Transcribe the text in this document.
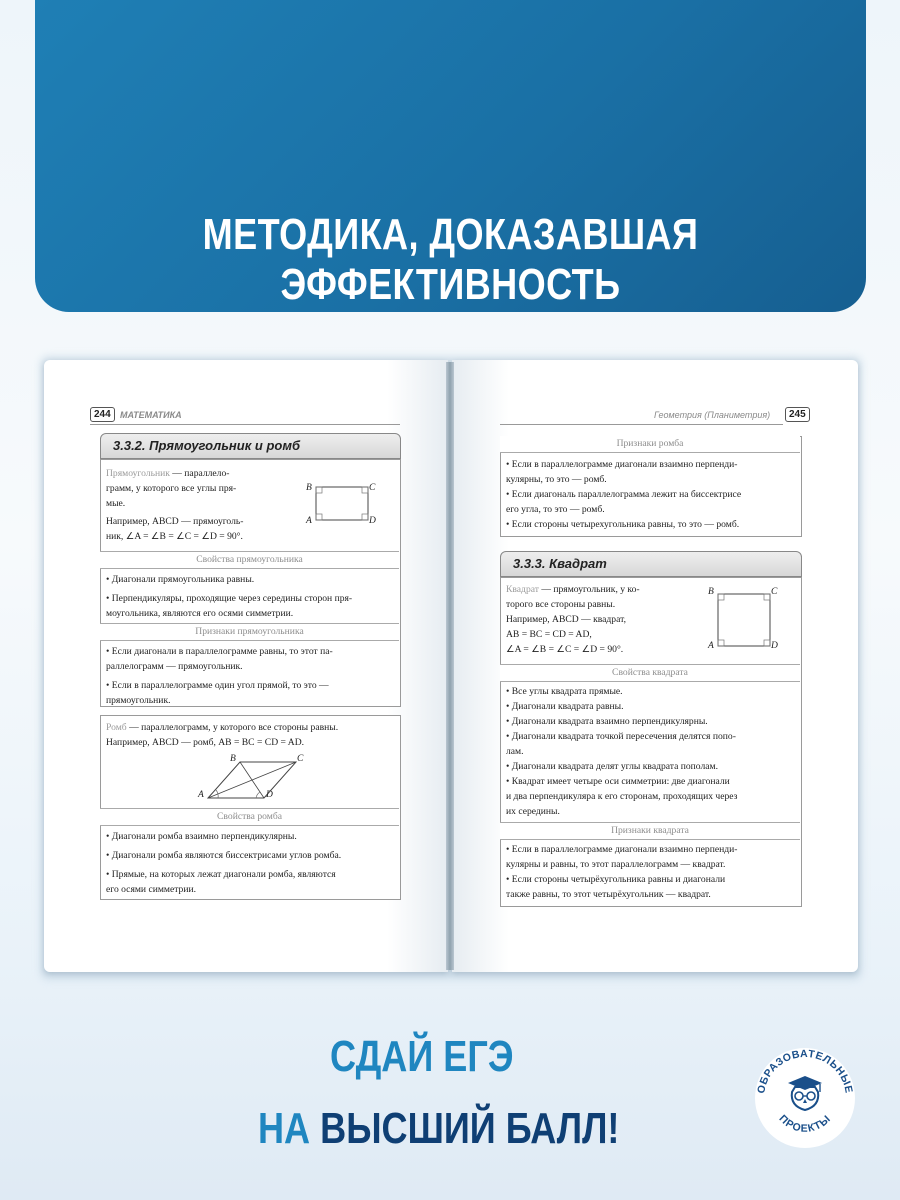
МЕТОДИКА, ДОКАЗАВШАЯ ЭФФЕКТИВНОСТЬ
244	МАТЕМАТИКА
3.3.2. Прямоугольник и ромб
Прямоугольник — параллело-
грамм, у которого все углы пря-
мые.
Например, ABCD — прямоуголь-
ник, ∠A = ∠B = ∠C = ∠D = 90°.
B	C
A	D
Свойства прямоугольника
• Диагонали прямоугольника равны.
• Перпендикуляры, проходящие через середины сторон пря-
моугольника, являются его осями симметрии.
Признаки прямоугольника
• Если диагонали в параллелограмме равны, то этот па-
раллелограмм — прямоугольник.
• Если в параллелограмме один угол прямой, то это —
прямоугольник.
Ромб — параллелограмм, у которого все стороны равны.
Например, ABCD — ромб, AB = BC = CD = AD.
B	C
A	D
Свойства ромба
• Диагонали ромба взаимно перпендикулярны.
• Диагонали ромба являются биссектрисами углов ромба.
• Прямые, на которых лежат диагонали ромба, являются
его осями симметрии.
Геометрия (Планиметрия)	245
Признаки ромба
• Если в параллелограмме диагонали взаимно перпенди-
кулярны, то это — ромб.
• Если диагональ параллелограмма лежит на биссектрисе
его угла, то это — ромб.
• Если стороны четырехугольника равны, то это — ромб.
3.3.3. Квадрат
Квадрат — прямоугольник, у ко-
торого все стороны равны.
Например, ABCD — квадрат,
AB = BC = CD = AD,
∠A = ∠B = ∠C = ∠D = 90°.
B	C
A	D
Свойства квадрата
• Все углы квадрата прямые.
• Диагонали квадрата равны.
• Диагонали квадрата взаимно перпендикулярны.
• Диагонали квадрата точкой пересечения делятся попо-
лам.
• Диагонали квадрата делят углы квадрата пополам.
• Квадрат имеет четыре оси симметрии: две диагонали
и два перпендикуляра к его сторонам, проходящих через
их середины.
Признаки квадрата
• Если в параллелограмме диагонали взаимно перпенди-
кулярны и равны, то этот параллелограмм — квадрат.
• Если стороны четырёхугольника равны и диагонали
также равны, то этот четырёхугольник — квадрат.
СДАЙ ЕГЭ
НА ВЫСШИЙ БАЛЛ!
ОБРАЗОВАТЕЛЬНЫЕ
ПРОЕКТЫ
